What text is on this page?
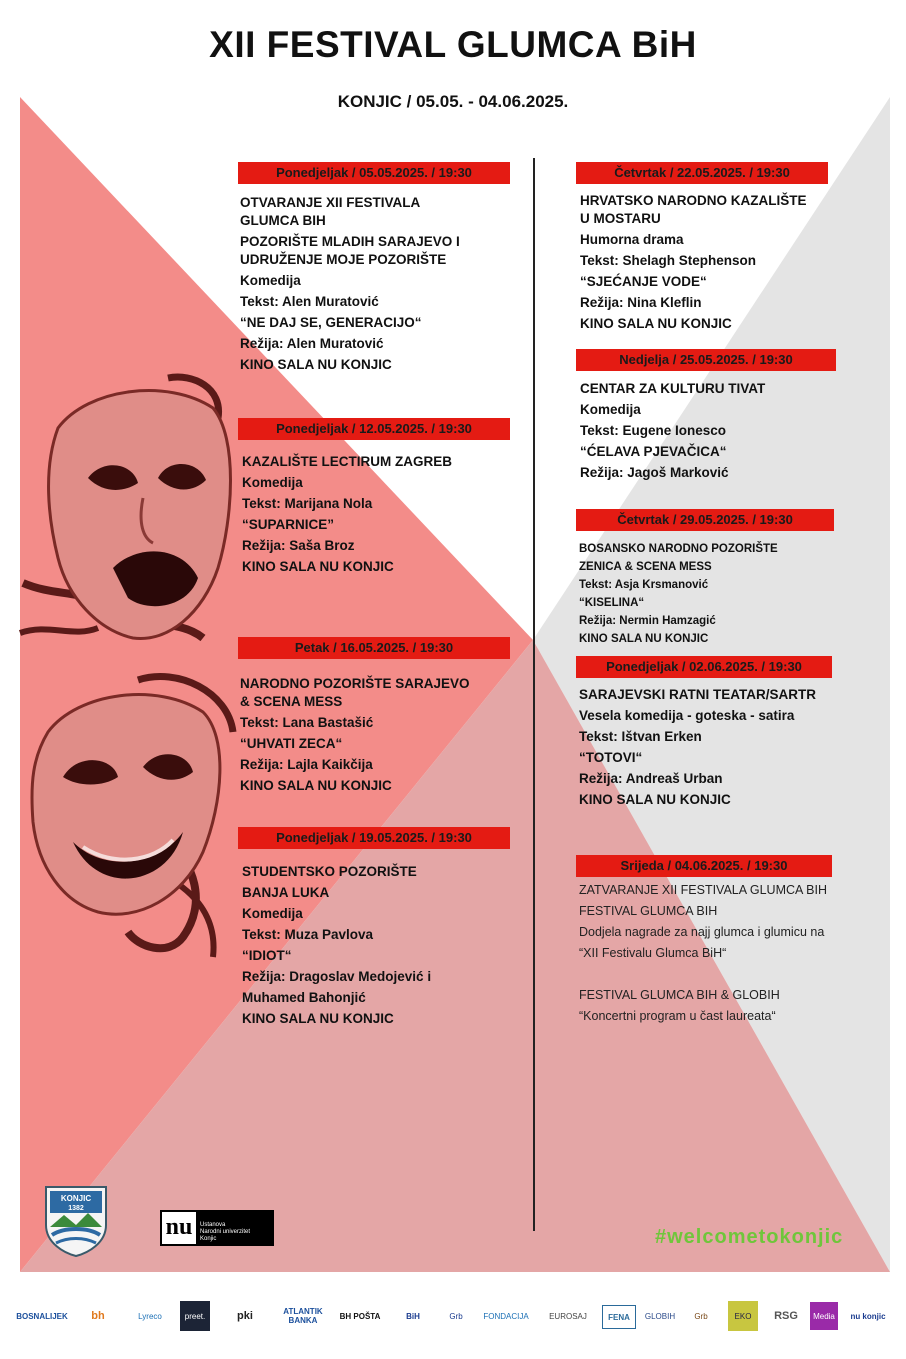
XII FESTIVAL GLUMCA BiH
KONJIC / 05.05. - 04.06.2025.
Ponedjeljak / 05.05.2025. / 19:30
OTVARANJE XII FESTIVALA
GLUMCA BIH
POZORIŠTE MLADIH SARAJEVO I
UDRUŽENJE MOJE POZORIŠTE
Komedija
Tekst: Alen Muratović
“NE DAJ SE, GENERACIJO“
Režija: Alen Muratović
KINO SALA NU KONJIC
Ponedjeljak / 12.05.2025. / 19:30
KAZALIŠTE LECTIRUM ZAGREB
Komedija
Tekst: Marijana Nola
“SUPARNICE”
Režija: Saša Broz
KINO SALA NU KONJIC
Petak / 16.05.2025. / 19:30
NARODNO POZORIŠTE SARAJEVO
& SCENA MESS
Tekst: Lana Bastašić
“UHVATI ZECA“
Režija: Lajla Kaikčija
KINO SALA NU KONJIC
Ponedjeljak / 19.05.2025. / 19:30
STUDENTSKO POZORIŠTE
BANJA LUKA
Komedija
Tekst: Muza Pavlova
“IDIOT“
Režija: Dragoslav Medojević i
Muhamed Bahonjić
KINO SALA NU KONJIC
Četvrtak / 22.05.2025. / 19:30
HRVATSKO NARODNO KAZALIŠTE
U MOSTARU
Humorna drama
Tekst: Shelagh Stephenson
“SJEĆANJE VODE“
Režija: Nina Kleflin
KINO SALA NU KONJIC
Nedjelja / 25.05.2025. / 19:30
CENTAR ZA KULTURU TIVAT
Komedija
Tekst: Eugene Ionesco
“ĆELAVA PJEVAČICA“
Režija: Jagoš Marković
Četvrtak / 29.05.2025. / 19:30
BOSANSKO NARODNO POZORIŠTE
ZENICA & SCENA MESS
Tekst: Asja Krsmanović
“KISELINA“
Režija: Nermin Hamzagić
KINO SALA NU KONJIC
Ponedjeljak / 02.06.2025. / 19:30
SARAJEVSKI RATNI TEATAR/SARTR
Vesela komedija - goteska - satira
Tekst: Ištvan Erken
“TOTOVI“
Režija: Andreaš Urban
KINO SALA NU KONJIC
Srijeda / 04.06.2025. / 19:30
ZATVARANJE XII FESTIVALA GLUMCA BIH
FESTIVAL GLUMCA BIH
Dodjela nagrade za najj glumca i glumicu na
“XII Festivalu Glumca BiH“
FESTIVAL GLUMCA BIH & GLOBIH
“Koncertni program u čast laureata“
KONJIC
1382
nu	Ustanova
Narodni univerzitet
Konjic	#welcometokonjic
BOSNALIJEK	bh	Lyreco	preet.	pki	ATLANTIK BANKA	BH POŠTA	BiH	Grb	FONDACIJA	EUROSAJ	FENA	GLOBIH	Grb	EKO	RSG	Media	nu konjic
